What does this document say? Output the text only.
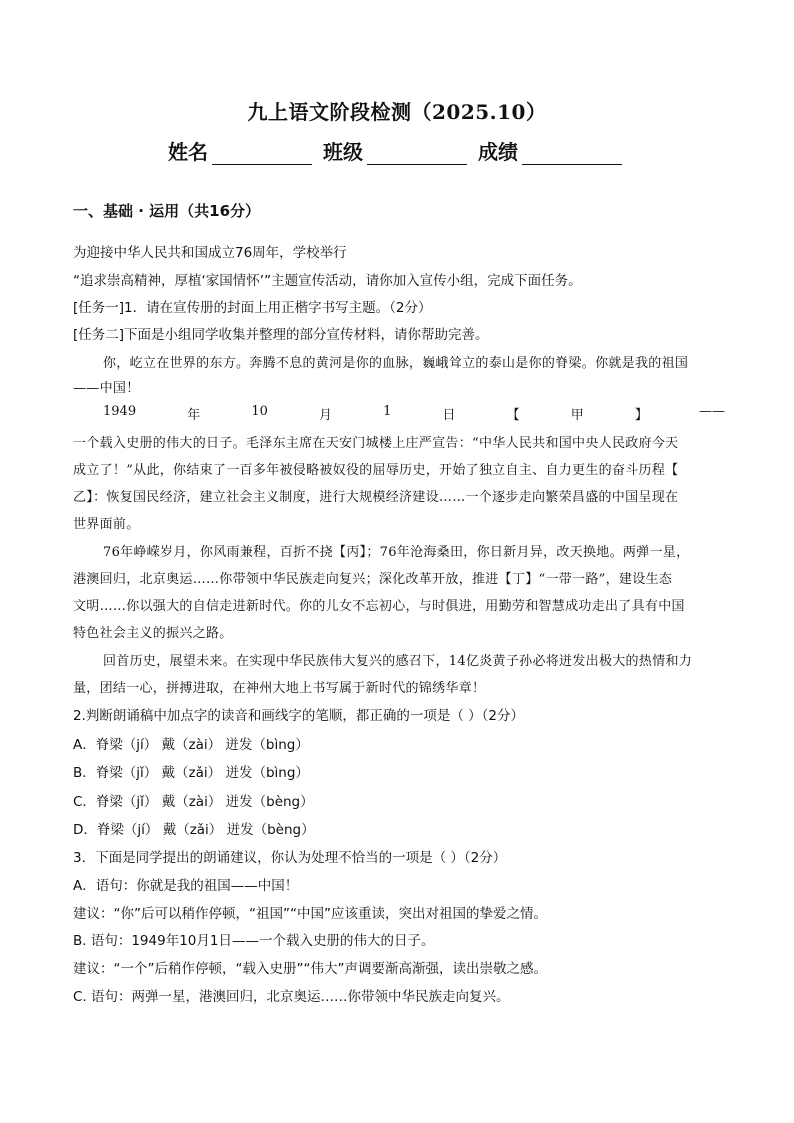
九上语文阶段检测（2025.10）
姓名	班级	成绩
一、基础 · 运用（共16分）
为迎接中华人民共和国成立76周年，学校举行
“追求崇高精神，厚植‘家国情怀’”主题宣传活动，请你加入宣传小组，完成下面任务。
[任务一]1．请在宣传册的封面上用正楷字书写主题。（2分）
[任务二]下面是小组同学收集并整理的部分宣传材料，请你帮助完善。
你，屹立在世界的东方。奔腾不息的黄河是你的血脉，巍峨耸立的泰山是你的脊梁。你就是我的祖国
——中国！
1949	年	10	月	1	日	【	甲	】	——
一个载入史册的伟大的日子。毛泽东主席在天安门城楼上庄严宣告：“中华人民共和国中央人民政府今天
成立了！”从此，你结束了一百多年被侵略被奴役的屈辱历史，开始了独立自主、自力更生的奋斗历程【
乙】：恢复国民经济，建立社会主义制度，进行大规模经济建设……一个逐步走向繁荣昌盛的中国呈现在
世界面前。
76年峥嵘岁月，你风雨兼程，百折不挠【丙】；76年沧海桑田，你日新月异，改天换地。两弹一星，
港澳回归，北京奥运……你带领中华民族走向复兴；深化改革开放，推进【丁】“一带一路”，建设生态
文明……你以强大的自信走进新时代。你的儿女不忘初心，与时俱进，用勤劳和智慧成功走出了具有中国
特色社会主义的振兴之路。
回首历史，展望未来。在实现中华民族伟大复兴的感召下，14亿炎黄子孙必将迸发出极大的热情和力
量，团结一心，拼搏进取，在神州大地上书写属于新时代的锦绣华章！
2.判断朗诵稿中加点字的读音和画线字的笔顺，都正确的一项是（ ）（2分）
A．脊梁（jí） 戴（zài） 迸发（bìng）
B．脊梁（jǐ） 戴（zǎi） 迸发（bìng）
C．脊梁（jǐ） 戴（zài） 迸发（bèng）
D．脊梁（jí） 戴（zǎi） 迸发（bèng）
3．下面是同学提出的朗诵建议，你认为处理不恰当的一项是（ ）（2分）
A．语句：你就是我的祖国——中国！
建议：“你”后可以稍作停顿，“祖国”“中国”应该重读，突出对祖国的挚爱之情。
B. 语句：1949年10月1日——一个载入史册的伟大的日子。
建议：“一个”后稍作停顿，“载入史册”“伟大”声调要渐高渐强，读出崇敬之感。
C. 语句：两弹一星，港澳回归，北京奥运……你带领中华民族走向复兴。
